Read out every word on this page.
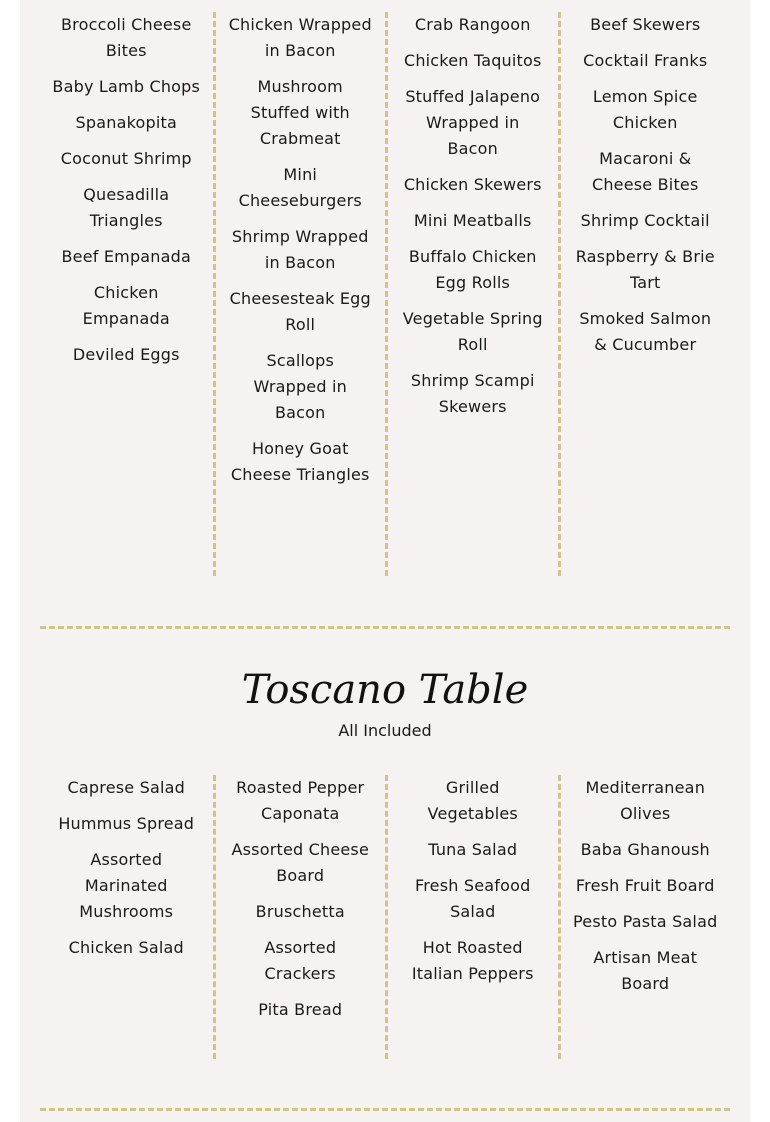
Broccoli Cheese Bites
Baby Lamb Chops
Spanakopita
Coconut Shrimp
Quesadilla Triangles
Beef Empanada
Chicken Empanada
Deviled Eggs
Chicken Wrapped in Bacon
Mushroom Stuffed with Crabmeat
Mini Cheeseburgers
Shrimp Wrapped in Bacon
Cheesesteak Egg Roll
Scallops Wrapped in Bacon
Honey Goat Cheese Triangles
Crab Rangoon
Chicken Taquitos
Stuffed Jalapeno Wrapped in Bacon
Chicken Skewers
Mini Meatballs
Buffalo Chicken Egg Rolls
Vegetable Spring Roll
Shrimp Scampi Skewers
Beef Skewers
Cocktail Franks
Lemon Spice Chicken
Macaroni & Cheese Bites
Shrimp Cocktail
Raspberry & Brie Tart
Smoked Salmon & Cucumber
Toscano Table
All Included
Caprese Salad
Hummus Spread
Assorted Marinated Mushrooms
Chicken Salad
Roasted Pepper Caponata
Assorted Cheese Board
Bruschetta
Assorted Crackers
Pita Bread
Grilled Vegetables
Tuna Salad
Fresh Seafood Salad
Hot Roasted Italian Peppers
Mediterranean Olives
Baba Ghanoush
Fresh Fruit Board
Pesto Pasta Salad
Artisan Meat Board
